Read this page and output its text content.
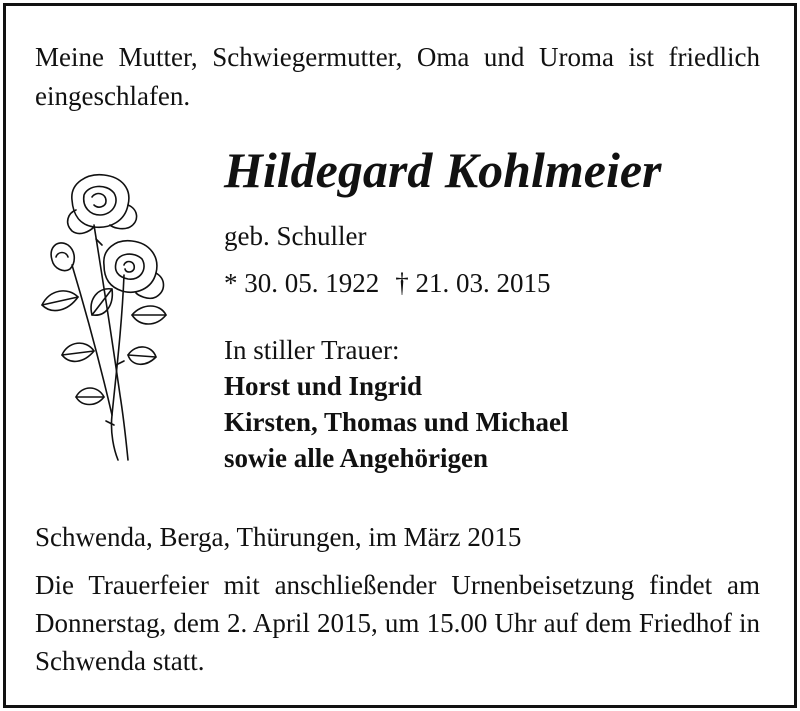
Meine Mutter, Schwiegermutter, Oma und Uroma ist friedlich eingeschlafen.

Hildegard Kohlmeier

geb. Schuller

* 30. 05. 1922 † 21. 03. 2015

In stiller Trauer:

Horst und Ingrid

Kirsten, Thomas und Michael

sowie alle Angehörigen

Schwenda, Berga, Thürungen, im März 2015

Die Trauerfeier mit anschließender Urnenbeisetzung findet am Donnerstag, dem 2. April 2015, um 15.00 Uhr auf dem Friedhof in Schwenda statt.
